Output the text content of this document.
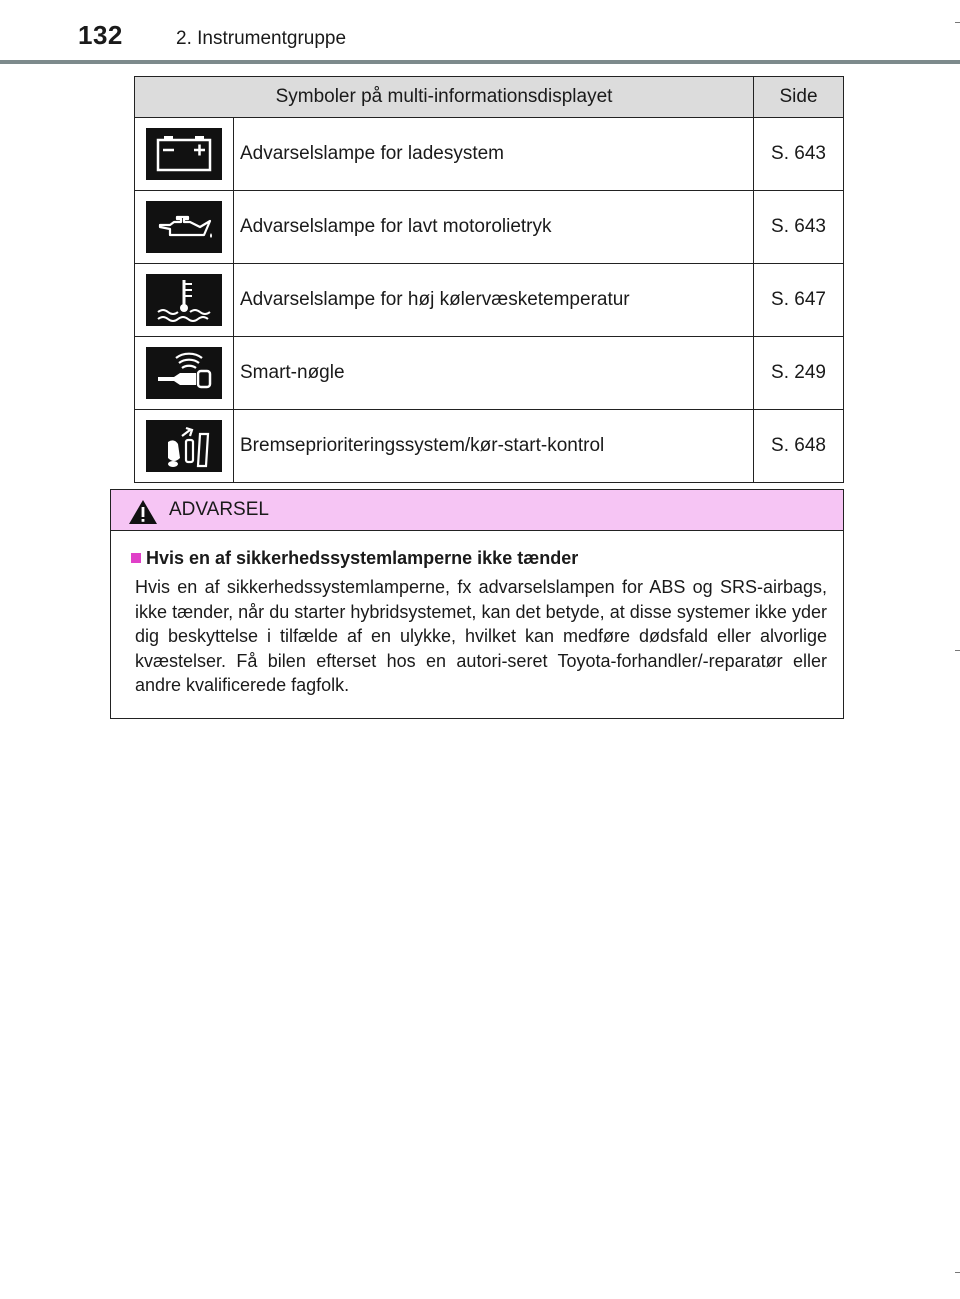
132	2. Instrumentgruppe
Symboler på multi-informationsdisplayet		Side

	Advarselslampe for ladesystem	S. 643

	Advarselslampe for lavt motorolietryk	S. 643

	Advarselslampe for høj kølervæsketemperatur	S. 647

	Smart-nøgle	S. 249

	Bremseprioriteringssystem/kør-start-kontrol	S. 648
ADVARSEL
Hvis en af sikkerhedssystemlamperne ikke tænder

Hvis en af sikkerhedssystemlamperne, fx advarselslampen for ABS og SRS-airbags, ikke tænder, når du starter hybridsystemet, kan det betyde, at disse systemer ikke yder dig beskyttelse i tilfælde af en ulykke, hvilket kan medføre dødsfald eller alvorlige kvæstelser. Få bilen efterset hos en autori-seret Toyota-forhandler/-reparatør eller andre kvalificerede fagfolk.
